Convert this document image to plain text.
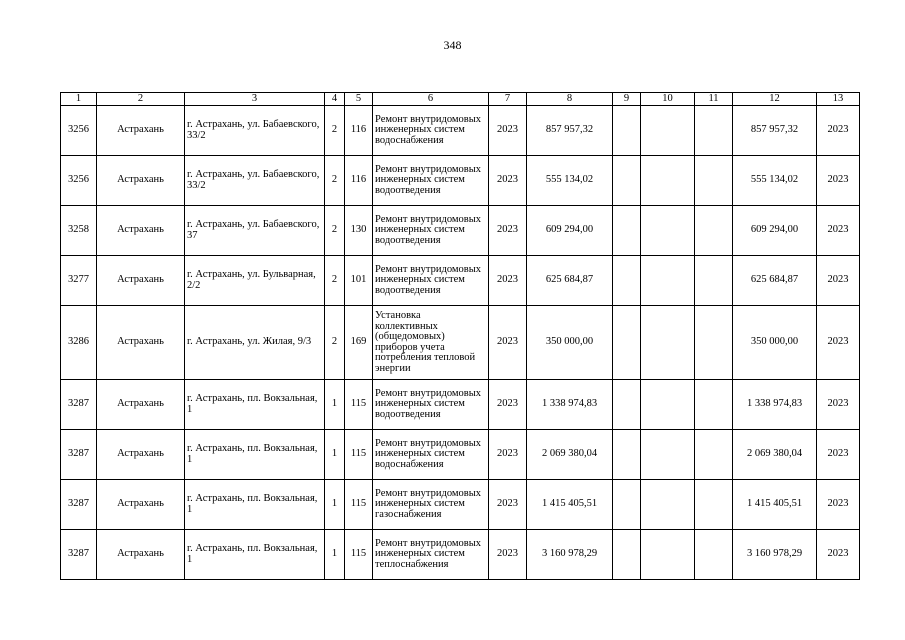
348
1	2	3	4	5	6	7	8	9	10	11	12	13
3256	Астрахань	г. Астрахань, ул. Бабаевского, 33/2	2	116	Ремонт внутридомовых инженерных систем водоснабжения	2023	857 957,32				857 957,32	2023
3256	Астрахань	г. Астрахань, ул. Бабаевского, 33/2	2	116	Ремонт внутридомовых инженерных систем водоотведения	2023	555 134,02				555 134,02	2023
3258	Астрахань	г. Астрахань, ул. Бабаевского, 37	2	130	Ремонт внутридомовых инженерных систем водоотведения	2023	609 294,00				609 294,00	2023
3277	Астрахань	г. Астрахань, ул. Бульварная, 2/2	2	101	Ремонт внутридомовых инженерных систем водоотведения	2023	625 684,87				625 684,87	2023
3286	Астрахань	г. Астрахань, ул. Жилая, 9/3	2	169	Установка коллективных (общедомовых) приборов учета потребления тепловой энергии	2023	350 000,00				350 000,00	2023
3287	Астрахань	г. Астрахань, пл. Вокзальная, 1	1	115	Ремонт внутридомовых инженерных систем водоотведения	2023	1 338 974,83				1 338 974,83	2023
3287	Астрахань	г. Астрахань, пл. Вокзальная, 1	1	115	Ремонт внутридомовых инженерных систем водоснабжения	2023	2 069 380,04				2 069 380,04	2023
3287	Астрахань	г. Астрахань, пл. Вокзальная, 1	1	115	Ремонт внутридомовых инженерных систем газоснабжения	2023	1 415 405,51				1 415 405,51	2023
3287	Астрахань	г. Астрахань, пл. Вокзальная, 1	1	115	Ремонт внутридомовых инженерных систем теплоснабжения	2023	3 160 978,29				3 160 978,29	2023
